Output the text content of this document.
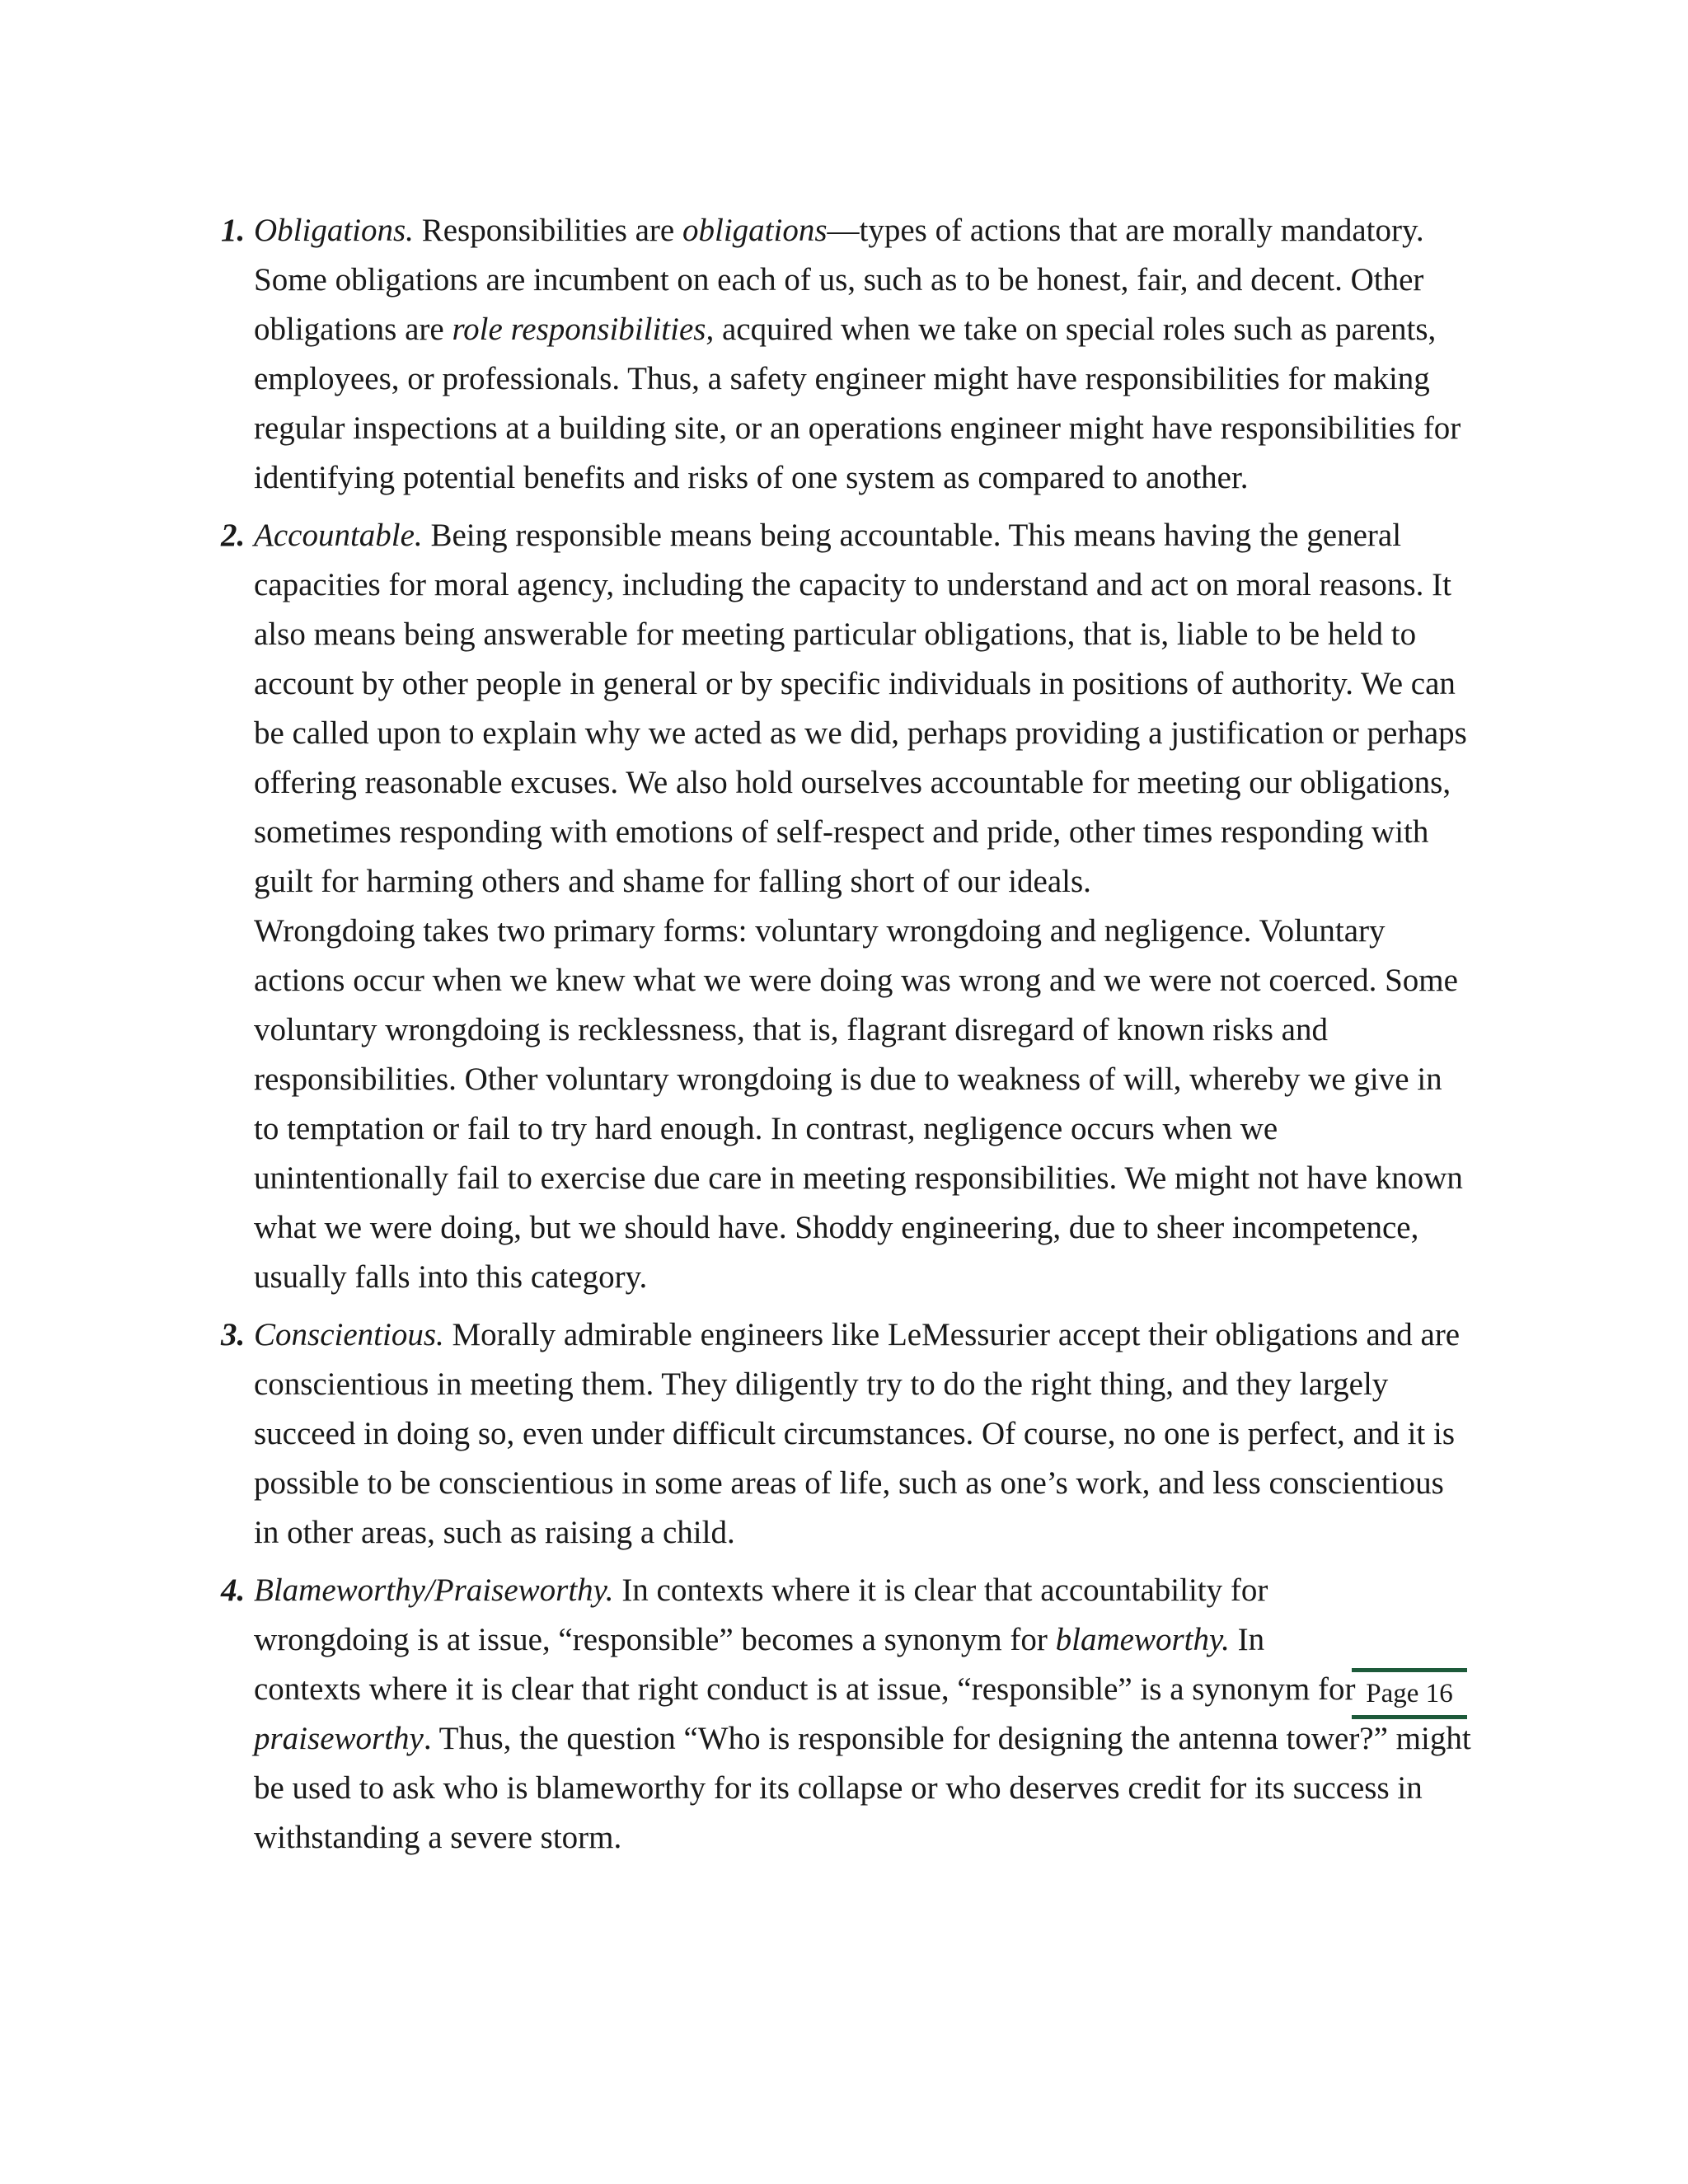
1. Obligations. Responsibilities are obligations—types of actions that are morally mandatory. Some obligations are incumbent on each of us, such as to be honest, fair, and decent. Other obligations are role responsibilities, acquired when we take on special roles such as parents, employees, or professionals. Thus, a safety engineer might have responsibilities for making regular inspections at a building site, or an operations engineer might have responsibilities for identifying potential benefits and risks of one system as compared to another.

2. Accountable. Being responsible means being accountable. This means having the general capacities for moral agency, including the capacity to understand and act on moral reasons. It also means being answerable for meeting particular obligations, that is, liable to be held to account by other people in general or by specific individuals in positions of authority. We can be called upon to explain why we acted as we did, perhaps providing a justification or perhaps offering reasonable excuses. We also hold ourselves accountable for meeting our obligations, sometimes responding with emotions of self-respect and pride, other times responding with guilt for harming others and shame for falling short of our ideals.

Wrongdoing takes two primary forms: voluntary wrongdoing and negligence. Voluntary actions occur when we knew what we were doing was wrong and we were not coerced. Some voluntary wrongdoing is recklessness, that is, flagrant disregard of known risks and responsibilities. Other voluntary wrongdoing is due to weakness of will, whereby we give in to temptation or fail to try hard enough. In contrast, negligence occurs when we unintentionally fail to exercise due care in meeting responsibilities. We might not have known what we were doing, but we should have. Shoddy engineering, due to sheer incompetence, usually falls into this category.

3. Conscientious. Morally admirable engineers like LeMessurier accept their obligations and are conscientious in meeting them. They diligently try to do the right thing, and they largely succeed in doing so, even under difficult circumstances. Of course, no one is perfect, and it is possible to be conscientious in some areas of life, such as one’s work, and less conscientious in other areas, such as raising a child.

4. Blameworthy/Praiseworthy. In contexts where it is clear that accountability for wrongdoing is at issue, “responsible” becomes a synonym for blameworthy. In contexts where it is clear that right conduct is at issue, “responsible” is a synonym for praiseworthy. Thus, the question “Who is responsible for designing the antenna tower?” might be used to ask who is blameworthy for its collapse or who deserves credit for its success in withstanding a severe storm.

Page 16
